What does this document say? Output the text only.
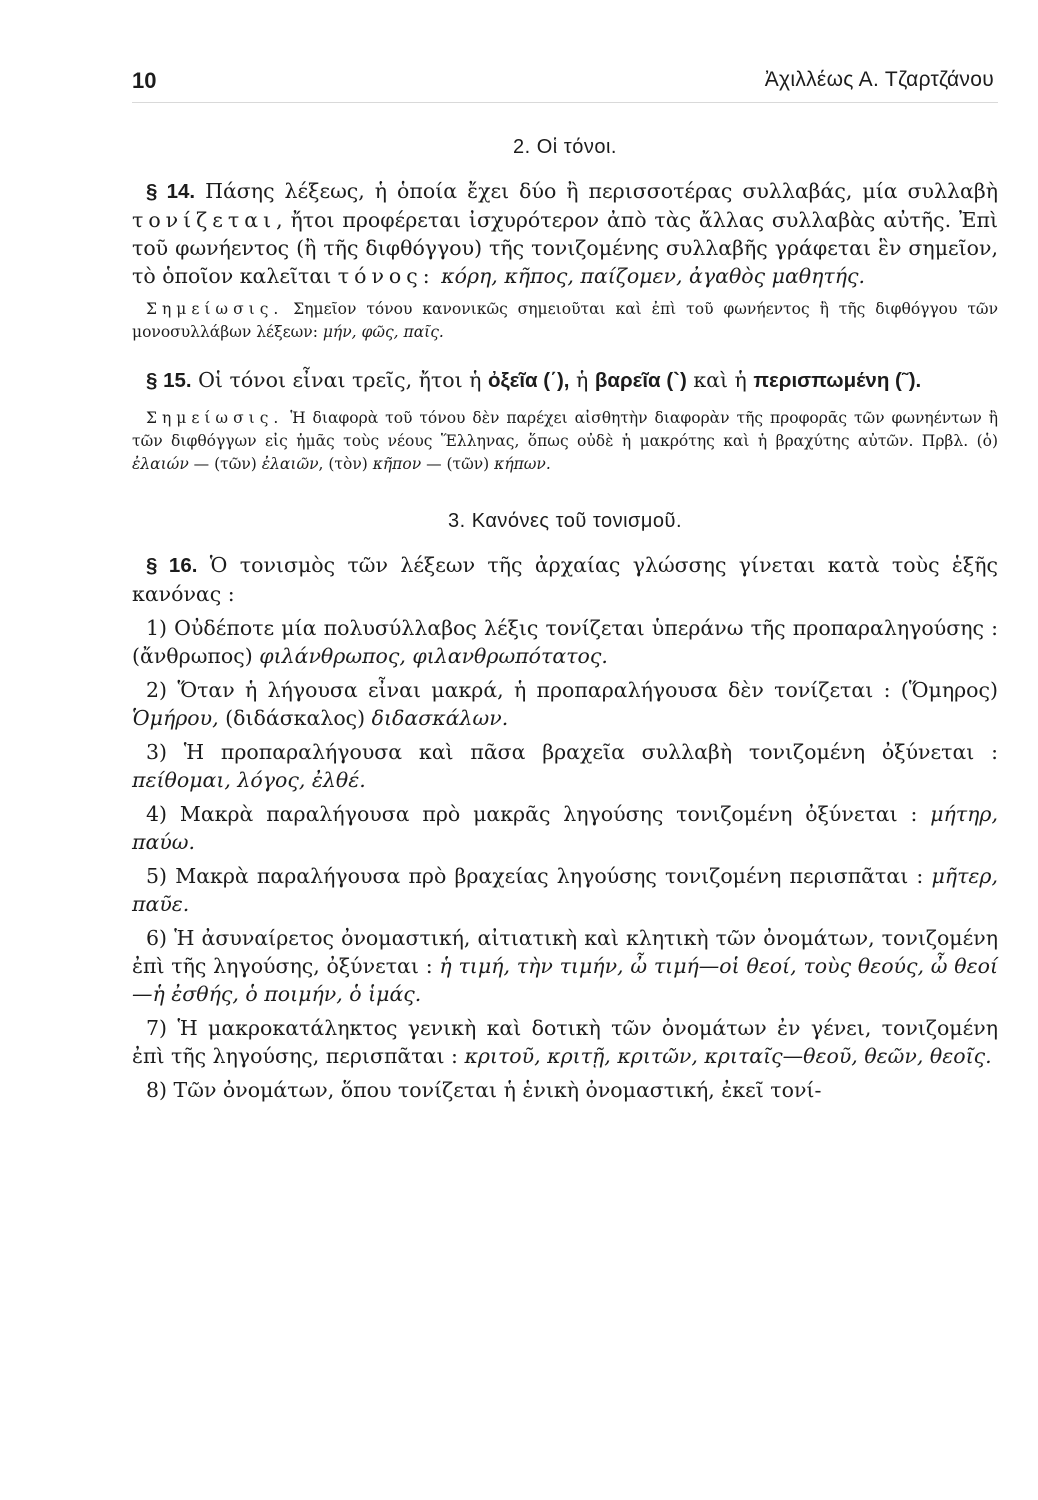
10	Ἀχιλλέως Α. Τζαρτζάνου
2. Οἱ τόνοι.

§ 14. Πάσης λέξεως, ἡ ὁποία ἔχει δύο ἢ περισσοτέρας συλλαβάς, μία συλλαβὴ τονίζεται, ἤτοι προφέρεται ἰσχυρότερον ἀπὸ τὰς ἄλλας συλλαβὰς αὐτῆς. Ἐπὶ τοῦ φωνήεντος (ἢ τῆς διφθόγγου) τῆς τονιζομένης συλλαβῆς γράφεται ἓν σημεῖον, τὸ ὁποῖον καλεῖται τόνος: κόρη, κῆπος, παίζομεν, ἀγαθὸς μαθητής.

Σημείωσις. Σημεῖον τόνου κανονικῶς σημειοῦται καὶ ἐπὶ τοῦ φωνήεντος ἢ τῆς διφθόγγου τῶν μονοσυλλάβων λέξεων: μήν, φῶς, παῖς.

§ 15. Οἱ τόνοι εἶναι τρεῖς, ἤτοι ἡ ὀξεῖα (΄), ἡ βαρεῖα (`) καὶ ἡ περισπωμένη (῀).

Σημείωσις. Ἡ διαφορὰ τοῦ τόνου δὲν παρέχει αἰσθητὴν διαφορὰν τῆς προφορᾶς τῶν φωνηέντων ἢ τῶν διφθόγγων εἰς ἡμᾶς τοὺς νέους Ἕλληνας, ὅπως οὐδὲ ἡ μακρότης καὶ ἡ βραχύτης αὐτῶν. Πρβλ. (ὁ) ἐλαιών — (τῶν) ἐλαιῶν, (τὸν) κῆπον — (τῶν) κήπων.

3. Κανόνες τοῦ τονισμοῦ.

§ 16. Ὁ τονισμὸς τῶν λέξεων τῆς ἀρχαίας γλώσσης γίνεται κατὰ τοὺς ἑξῆς κανόνας :

1) Οὐδέποτε μία πολυσύλλαβος λέξις τονίζεται ὑπεράνω τῆς προπαραληγούσης : (ἄνθρωπος) φιλάνθρωπος, φιλανθρωπότατος.

2) Ὅταν ἡ λήγουσα εἶναι μακρά, ἡ προπαραλήγουσα δὲν τονίζεται : (Ὅμηρος) Ὁμήρου, (διδάσκαλος) διδασκάλων.

3) Ἡ προπαραλήγουσα καὶ πᾶσα βραχεῖα συλλαβὴ τονιζομένη ὀξύνεται : πείθομαι, λόγος, ἐλθέ.

4) Μακρὰ παραλήγουσα πρὸ μακρᾶς ληγούσης τονιζομένη ὀξύνεται : μήτηρ, παύω.

5) Μακρὰ παραλήγουσα πρὸ βραχείας ληγούσης τονιζομένη περισπᾶται : μῆτερ, παῦε.

6) Ἡ ἀσυναίρετος ὀνομαστική, αἰτιατικὴ καὶ κλητικὴ τῶν ὀνομάτων, τονιζομένη ἐπὶ τῆς ληγούσης, ὀξύνεται : ἡ τιμή, τὴν τιμήν, ὦ τιμή—οἱ θεοί, τοὺς θεούς, ὦ θεοί—ἡ ἐσθής, ὁ ποιμήν, ὁ ἱμάς.

7) Ἡ μακροκατάληκτος γενικὴ καὶ δοτικὴ τῶν ὀνομάτων ἐν γένει, τονιζομένη ἐπὶ τῆς ληγούσης, περισπᾶται : κριτοῦ, κριτῇ, κριτῶν, κριταῖς—θεοῦ, θεῶν, θεοῖς.

8) Τῶν ὀνομάτων, ὅπου τονίζεται ἡ ἑνικὴ ὀνομαστική, ἐκεῖ τονί-
